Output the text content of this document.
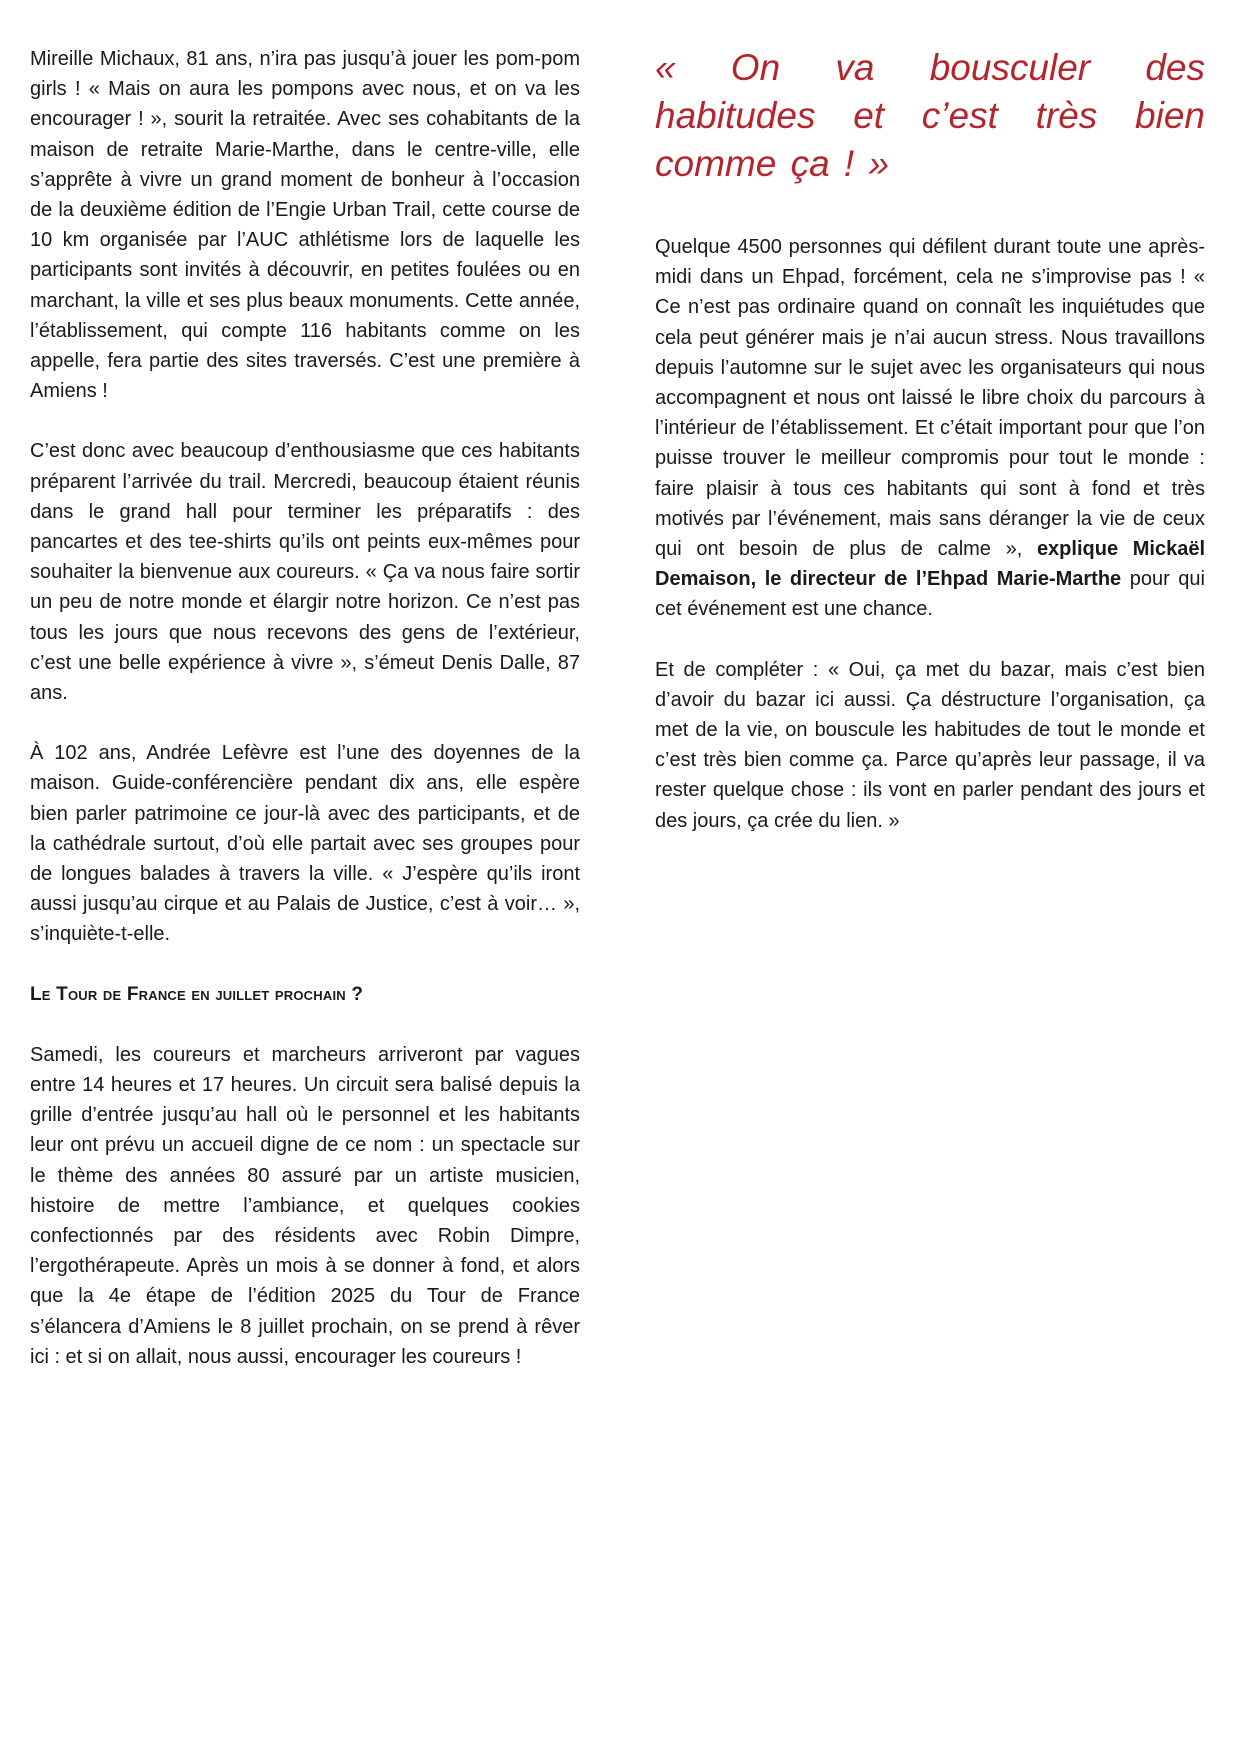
Mireille Michaux, 81 ans, n’ira pas jusqu’à jouer les pom-pom girls ! « Mais on aura les pompons avec nous, et on va les encourager ! », sourit la retraitée. Avec ses cohabitants de la maison de retraite Marie-Marthe, dans le centre-ville, elle s’apprête à vivre un grand moment de bonheur à l’occasion de la deuxième édition de l’Engie Urban Trail, cette course de 10 km organisée par l’AUC athlétisme lors de laquelle les participants sont invités à découvrir, en petites foulées ou en marchant, la ville et ses plus beaux monuments. Cette année, l’établissement, qui compte 116 habitants comme on les appelle, fera partie des sites traversés. C’est une première à Amiens !

C’est donc avec beaucoup d’enthousiasme que ces habitants préparent l’arrivée du trail. Mercredi, beaucoup étaient réunis dans le grand hall pour terminer les préparatifs : des pancartes et des tee-shirts qu’ils ont peints eux-mêmes pour souhaiter la bienvenue aux coureurs. « Ça va nous faire sortir un peu de notre monde et élargir notre horizon. Ce n’est pas tous les jours que nous recevons des gens de l’extérieur, c’est une belle expérience à vivre », s’émeut Denis Dalle, 87 ans.

À 102 ans, Andrée Lefèvre est l’une des doyennes de la maison. Guide-conférencière pendant dix ans, elle espère bien parler patrimoine ce jour-là avec des participants, et de la cathédrale surtout, d’où elle partait avec ses groupes pour de longues balades à travers la ville. « J’espère qu’ils iront aussi jusqu’au cirque et au Palais de Justice, c’est à voir… », s’inquiète-t-elle.

Le Tour de France en juillet prochain ?

Samedi, les coureurs et marcheurs arriveront par vagues entre 14 heures et 17 heures. Un circuit sera balisé depuis la grille d’entrée jusqu’au hall où le personnel et les habitants leur ont prévu un accueil digne de ce nom : un spectacle sur le thème des années 80 assuré par un artiste musicien, histoire de mettre l’ambiance, et quelques cookies confectionnés par des résidents avec Robin Dimpre, l’ergothérapeute. Après un mois à se donner à fond, et alors que la 4e étape de l’édition 2025 du Tour de France s’élancera d’Amiens le 8 juillet prochain, on se prend à rêver ici : et si on allait, nous aussi, encourager les coureurs !

« On va bousculer des habitudes et c’est très bien comme ça ! »

Quelque 4500 personnes qui défilent durant toute une après-midi dans un Ehpad, forcément, cela ne s’improvise pas ! « Ce n’est pas ordinaire quand on connaît les inquiétudes que cela peut générer mais je n’ai aucun stress. Nous travaillons depuis l’automne sur le sujet avec les organisateurs qui nous accompagnent et nous ont laissé le libre choix du parcours à l’intérieur de l’établissement. Et c’était important pour que l’on puisse trouver le meilleur compromis pour tout le monde : faire plaisir à tous ces habitants qui sont à fond et très motivés par l’événement, mais sans déranger la vie de ceux qui ont besoin de plus de calme », explique Mickaël Demaison, le directeur de l’Ehpad Marie-Marthe pour qui cet événement est une chance.

Et de compléter : « Oui, ça met du bazar, mais c’est bien d’avoir du bazar ici aussi. Ça déstructure l’organisation, ça met de la vie, on bouscule les habitudes de tout le monde et c’est très bien comme ça. Parce qu’après leur passage, il va rester quelque chose : ils vont en parler pendant des jours et des jours, ça crée du lien. »
